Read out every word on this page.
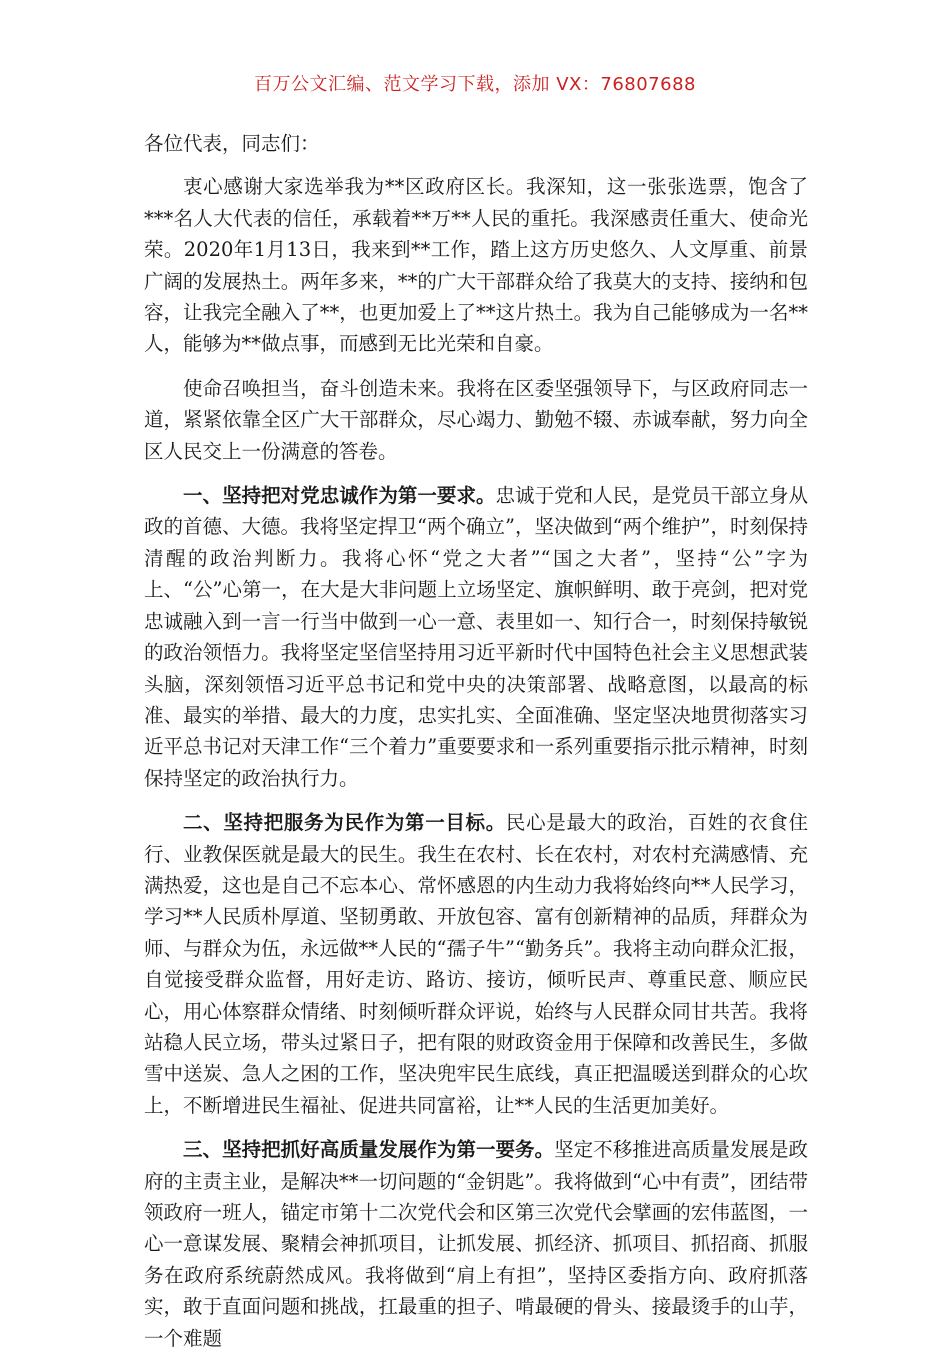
百万公文汇编、范文学习下载，添加 VX：76807688

各位代表，同志们：

衷心感谢大家选举我为**区政府区长。我深知，这一张张选票，饱含了***名人大代表的信任，承载着**万**人民的重托。我深感责任重大、使命光荣。2020年1月13日，我来到**工作，踏上这方历史悠久、人文厚重、前景广阔的发展热土。两年多来，**的广大干部群众给了我莫大的支持、接纳和包容，让我完全融入了**，也更加爱上了**这片热土。我为自己能够成为一名**人，能够为**做点事，而感到无比光荣和自豪。

使命召唤担当，奋斗创造未来。我将在区委坚强领导下，与区政府同志一道，紧紧依靠全区广大干部群众，尽心竭力、勤勉不辍、赤诚奉献，努力向全区人民交上一份满意的答卷。

一、坚持把对党忠诚作为第一要求。忠诚于党和人民，是党员干部立身从政的首德、大德。我将坚定捍卫“两个确立”，坚决做到“两个维护”，时刻保持清醒的政治判断力。我将心怀“党之大者”“国之大者”，坚持“公”字为上、“公”心第一，在大是大非问题上立场坚定、旗帜鲜明、敢于亮剑，把对党忠诚融入到一言一行当中做到一心一意、表里如一、知行合一，时刻保持敏锐的政治领悟力。我将坚定坚信坚持用习近平新时代中国特色社会主义思想武装头脑，深刻领悟习近平总书记和党中央的决策部署、战略意图，以最高的标准、最实的举措、最大的力度，忠实扎实、全面准确、坚定坚决地贯彻落实习近平总书记对天津工作“三个着力”重要要求和一系列重要指示批示精神，时刻保持坚定的政治执行力。

二、坚持把服务为民作为第一目标。民心是最大的政治，百姓的衣食住行、业教保医就是最大的民生。我生在农村、长在农村，对农村充满感情、充满热爱，这也是自己不忘本心、常怀感恩的内生动力我将始终向**人民学习，学习**人民质朴厚道、坚韧勇敢、开放包容、富有创新精神的品质，拜群众为师、与群众为伍，永远做**人民的“孺子牛”“勤务兵”。我将主动向群众汇报，自觉接受群众监督，用好走访、路访、接访，倾听民声、尊重民意、顺应民心，用心体察群众情绪、时刻倾听群众评说，始终与人民群众同甘共苦。我将站稳人民立场，带头过紧日子，把有限的财政资金用于保障和改善民生，多做雪中送炭、急人之困的工作，坚决兜牢民生底线，真正把温暖送到群众的心坎上，不断增进民生福祉、促进共同富裕，让**人民的生活更加美好。

三、坚持把抓好高质量发展作为第一要务。坚定不移推进高质量发展是政府的主责主业，是解决**一切问题的“金钥匙”。我将做到“心中有责”，团结带领政府一班人，锚定市第十二次党代会和区第三次党代会擘画的宏伟蓝图，一心一意谋发展、聚精会神抓项目，让抓发展、抓经济、抓项目、抓招商、抓服务在政府系统蔚然成风。我将做到“肩上有担”，坚持区委指方向、政府抓落实，敢于直面问题和挑战，扛最重的担子、啃最硬的骨头、接最烫手的山芋，一个难题
